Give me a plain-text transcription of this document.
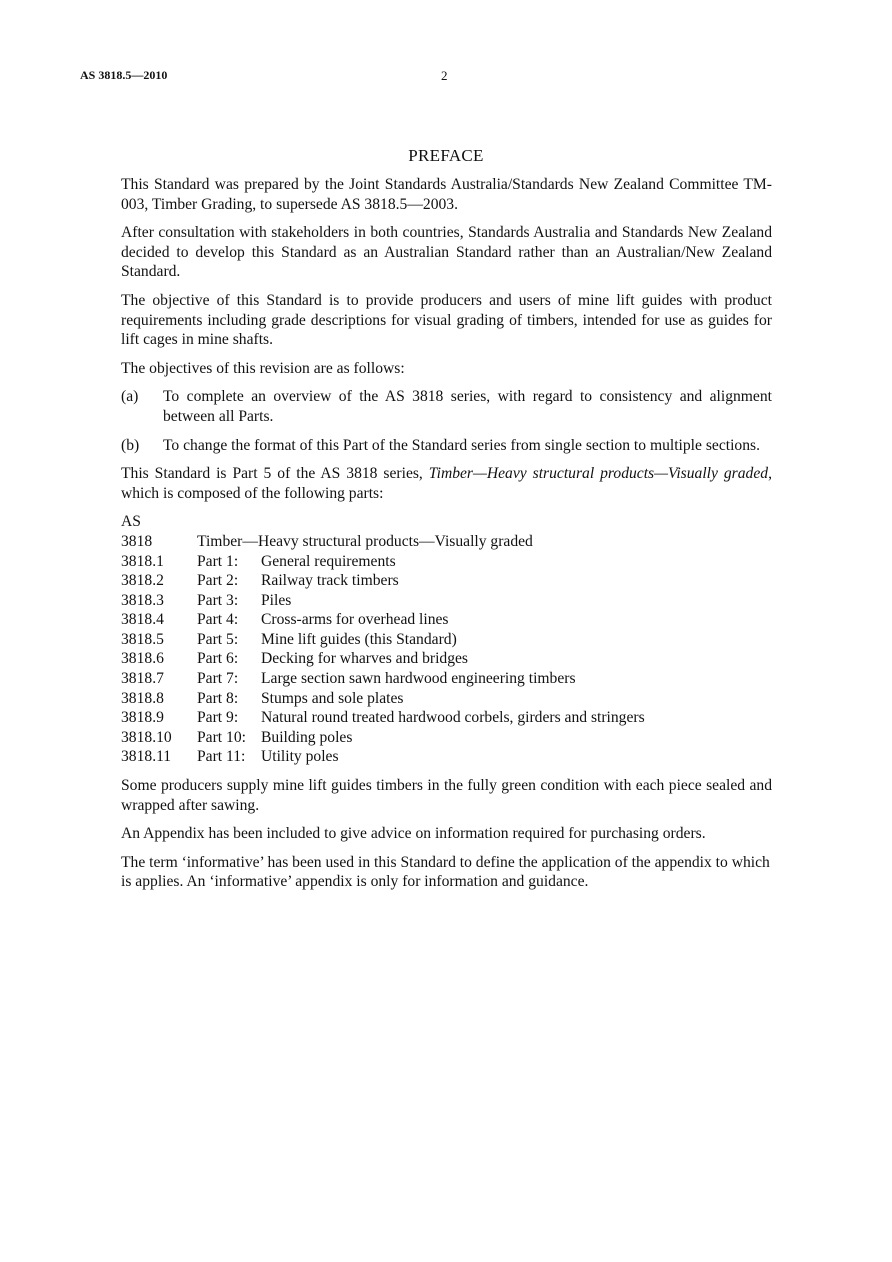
AS 3818.5—2010	2
PREFACE

This Standard was prepared by the Joint Standards Australia/Standards New Zealand Committee TM-003, Timber Grading, to supersede AS 3818.5—2003.

After consultation with stakeholders in both countries, Standards Australia and Standards New Zealand decided to develop this Standard as an Australian Standard rather than an Australian/New Zealand Standard.

The objective of this Standard is to provide producers and users of mine lift guides with product requirements including grade descriptions for visual grading of timbers, intended for use as guides for lift cages in mine shafts.

The objectives of this revision are as follows:

(a)	To complete an overview of the AS 3818 series, with regard to consistency and alignment between all Parts.
(b)	To change the format of this Part of the Standard series from single section to multiple sections.

This Standard is Part 5 of the AS 3818 series, Timber—Heavy structural products—Visually graded, which is composed of the following parts:

AS
3818	Timber—Heavy structural products—Visually graded	
3818.1	Part 1:	General requirements
3818.2	Part 2:	Railway track timbers
3818.3	Part 3:	Piles
3818.4	Part 4:	Cross-arms for overhead lines
3818.5	Part 5:	Mine lift guides (this Standard)
3818.6	Part 6:	Decking for wharves and bridges
3818.7	Part 7:	Large section sawn hardwood engineering timbers
3818.8	Part 8:	Stumps and sole plates
3818.9	Part 9:	Natural round treated hardwood corbels, girders and stringers
3818.10	Part 10:	Building poles
3818.11	Part 11:	Utility poles

Some producers supply mine lift guides timbers in the fully green condition with each piece sealed and wrapped after sawing.

An Appendix has been included to give advice on information required for purchasing orders.

The term ‘informative’ has been used in this Standard to define the application of the appendix to which is applies. An ‘informative’ appendix is only for information and guidance.
